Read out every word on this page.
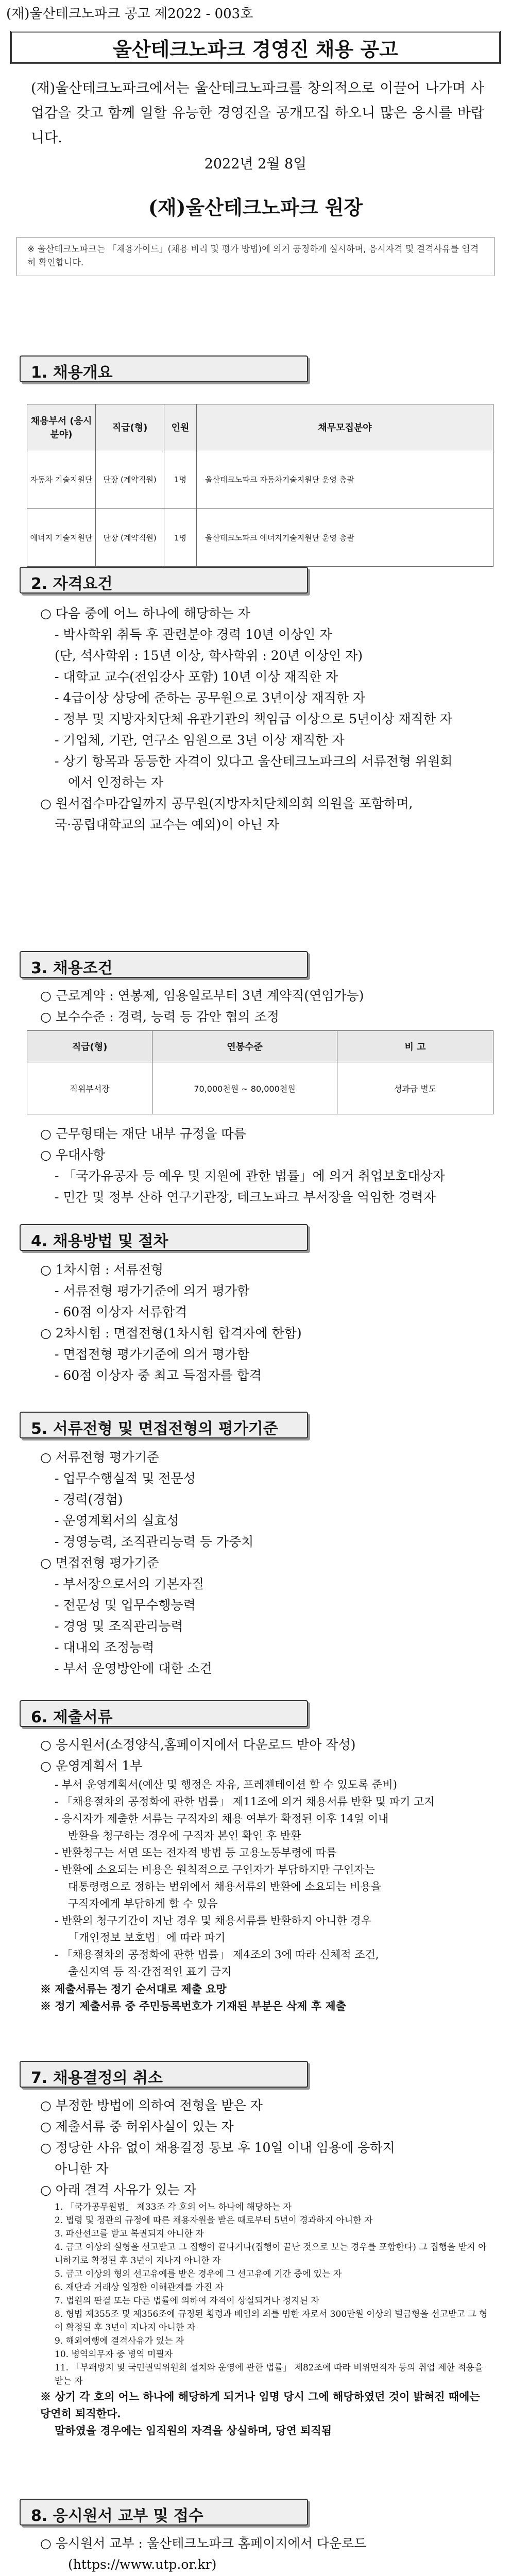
(재)울산테크노파크 공고 제2022 - 003호
울산테크노파크 경영진 채용 공고
(재)울산테크노파크에서는 울산테크노파크를 창의적으로 이끌어 나가며 사업감을 갖고 함께 일할 유능한 경영진을 공개모집 하오니 많은 응시를 바랍니다.
2022년 2월 8일
(재)울산테크노파크 원장
※ 울산테크노파크는 「채용가이드」(채용 비리 및 평가 방법)에 의거 공정하게 실시하며, 응시자격 및 결격사유를 엄격히 확인합니다.
1. 채용개요
채용부서 (응시분야)	직급(형)	인원	채무모집분야
자동차 기술지원단	단장 (계약직원)	1명	울산테크노파크 자동차기술지원단 운영 총괄
에너지 기술지원단	단장 (계약직원)	1명	울산테크노파크 에너지기술지원단 운영 총괄
2. 자격요건

○ 다음 중에 어느 하나에 해당하는 자

- 박사학위 취득 후 관련분야 경력 10년 이상인 자

(단, 석사학위 : 15년 이상, 학사학위 : 20년 이상인 자)

- 대학교 교수(전임강사 포함) 10년 이상 재직한 자

- 4급이상 상당에 준하는 공무원으로 3년이상 재직한 자

- 정부 및 지방자치단체 유관기관의 책임급 이상으로 5년이상 재직한 자

- 기업체, 기관, 연구소 임원으로 3년 이상 재직한 자

- 상기 항목과 동등한 자격이 있다고 울산테크노파크의 서류전형 위원회

에서 인정하는 자

○ 원서접수마감일까지 공무원(지방자치단체의회 의원을 포함하며,

국·공립대학교의 교수는 예외)이 아닌 자

3. 채용조건

○ 근로계약 : 연봉제, 임용일로부터 3년 계약직(연임가능)

○ 보수수준 : 경력, 능력 등 감안 협의 조정

직급(형)	연봉수준	비 고
직위부서장	70,000천원 ~ 80,000천원	성과급 별도

○ 근무형태는 재단 내부 규정을 따름

○ 우대사항

- 「국가유공자 등 예우 및 지원에 관한 법률」에 의거 취업보호대상자

- 민간 및 정부 산하 연구기관장, 테크노파크 부서장을 역임한 경력자

4. 채용방법 및 절차

○ 1차시험 : 서류전형

- 서류전형 평가기준에 의거 평가함

- 60점 이상자 서류합격

○ 2차시험 : 면접전형(1차시험 합격자에 한함)

- 면접전형 평가기준에 의거 평가함

- 60점 이상자 중 최고 득점자를 합격

5. 서류전형 및 면접전형의 평가기준

○ 서류전형 평가기준

- 업무수행실적 및 전문성

- 경력(경험)

- 운영계획서의 실효성

- 경영능력, 조직관리능력 등 가중치

○ 면접전형 평가기준

- 부서장으로서의 기본자질

- 전문성 및 업무수행능력

- 경영 및 조직관리능력

- 대내외 조정능력

- 부서 운영방안에 대한 소견

6. 제출서류

○ 응시원서(소정양식,홈페이지에서 다운로드 받아 작성)

○ 운영계획서 1부

- 부서 운영계획서(예산 및 행정은 자유, 프레젠테이션 할 수 있도록 준비)

- 「채용절차의 공정화에 관한 법률」 제11조에 의거 채용서류 반환 및 파기 고지

- 응시자가 제출한 서류는 구직자의 채용 여부가 확정된 이후 14일 이내

반환을 청구하는 경우에 구직자 본인 확인 후 반환

- 반환청구는 서면 또는 전자적 방법 등 고용노동부령에 따름

- 반환에 소요되는 비용은 원칙적으로 구인자가 부담하지만 구인자는

대통령령으로 정하는 범위에서 채용서류의 반환에 소요되는 비용을

구직자에게 부담하게 할 수 있음

- 반환의 청구기간이 지난 경우 및 채용서류를 반환하지 아니한 경우

「개인정보 보호법」에 따라 파기

- 「채용절차의 공정화에 관한 법률」 제4조의 3에 따라 신체적 조건,

출신지역 등 직·간접적인 표기 금지

※ 제출서류는 정기 순서대로 제출 요망

※ 정기 제출서류 중 주민등록번호가 기재된 부분은 삭제 후 제출

7. 채용결정의 취소

○ 부정한 방법에 의하여 전형을 받은 자

○ 제출서류 중 허위사실이 있는 자

○ 정당한 사유 없이 채용결정 통보 후 10일 이내 임용에 응하지

아니한 자

○ 아래 결격 사유가 있는 자

1. 「국가공무원법」 제33조 각 호의 어느 하나에 해당하는 자

2. 법령 및 정관의 규정에 따른 채용자원을 받은 때로부터 5년이 경과하지 아니한 자

3. 파산선고를 받고 복권되지 아니한 자

4. 금고 이상의 실형을 선고받고 그 집행이 끝나거나(집행이 끝난 것으로 보는 경우를 포함한다) 그 집행을 받지 아니하기로 확정된 후 3년이 지나지 아니한 자

5. 금고 이상의 형의 선고유예를 받은 경우에 그 선고유예 기간 중에 있는 자

6. 재단과 거래상 일정한 이해관계를 가진 자

7. 법원의 판결 또는 다른 법률에 의하여 자격이 상실되거나 정지된 자

8. 형법 제355조 및 제356조에 규정된 횡령과 배임의 죄를 범한 자로서 300만원 이상의 벌금형을 선고받고 그 형이 확정된 후 3년이 지나지 아니한 자

9. 해외여행에 결격사유가 있는 자

10. 병역의무자 중 병역 미필자

11. 「부패방지 및 국민권익위원회 설치와 운영에 관한 법률」 제82조에 따라 비위면직자 등의 취업 제한 적용을 받는 자

※ 상기 각 호의 어느 하나에 해당하게 되거나 임명 당시 그에 해당하였던 것이 밝혀진 때에는 당연히 퇴직한다.

말하였을 경우에는 임직원의 자격을 상실하며, 당연 퇴직됨

8. 응시원서 교부 및 접수

○ 응시원서 교부 : 울산테크노파크 홈페이지에서 다운로드

(https://www.utp.or.kr)
